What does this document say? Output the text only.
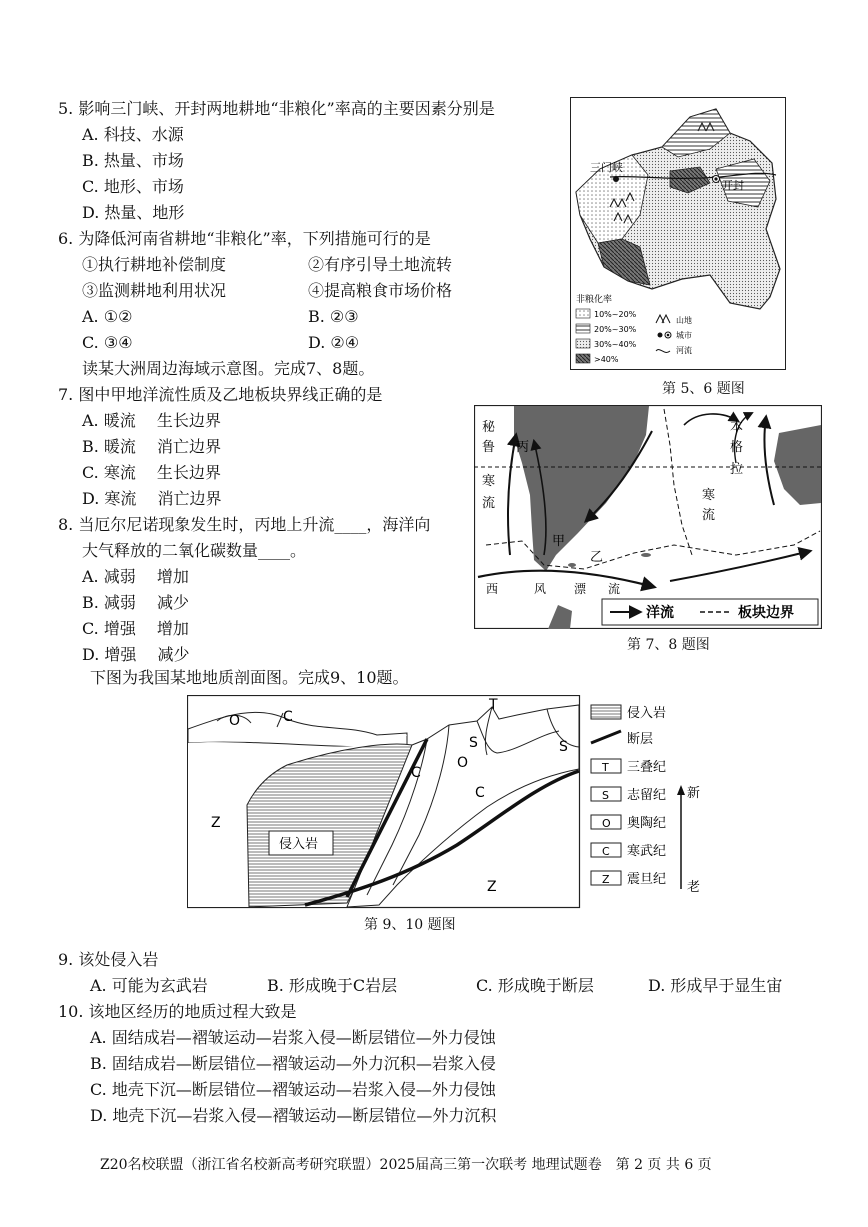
5. 影响三门峡、开封两地耕地“非粮化”率高的主要因素分别是
A. 科技、水源
B. 热量、市场
C. 地形、市场
D. 热量、地形
6. 为降低河南省耕地“非粮化”率，下列措施可行的是
①执行耕地补偿制度	②有序引导土地流转
③监测耕地利用状况	④提高粮食市场价格
A. ①②	B. ②③
C. ③④	D. ②④
读某大洲周边海域示意图。完成7、8题。
7. 图中甲地洋流性质及乙地板块界线正确的是
A. 暖流　 生长边界
B. 暖流　 消亡边界
C. 寒流　 生长边界
D. 寒流　 消亡边界
8. 当厄尔尼诺现象发生时，丙地上升流____，海洋向
大气释放的二氧化碳数量____。
A. 减弱　 增加
B. 减弱　 减少
C. 增强　 增加
D. 增强　 减少
下图为我国某地地质剖面图。完成9、10题。
三门峡
开封
非粮化率
10%~20%
20%~30%
30%~40%
>40%
山地
城市
河流
第 5、6 题图
秘
鲁
寒
流
丙
本
格
拉
寒
流
甲
乙
西	风 漂 流
洋流	板块边界
第 7、8 题图
O	C
T
S	S
O
C
C
Z
Z
侵入岩
侵入岩
断层
T 三叠纪
S 志留纪
O 奥陶纪
C 寒武纪
Z 震旦纪
新
老
第 9、10 题图
9. 该处侵入岩
A. 可能为玄武岩	B. 形成晚于C岩层	C. 形成晚于断层	D. 形成早于显生宙
10. 该地区经历的地质过程大致是
A. 固结成岩—褶皱运动—岩浆入侵—断层错位—外力侵蚀
B. 固结成岩—断层错位—褶皱运动—外力沉积—岩浆入侵
C. 地壳下沉—断层错位—褶皱运动—岩浆入侵—外力侵蚀
D. 地壳下沉—岩浆入侵—褶皱运动—断层错位—外力沉积
Z20名校联盟（浙江省名校新高考研究联盟）2025届高三第一次联考 地理试题卷　第 2 页 共 6 页
